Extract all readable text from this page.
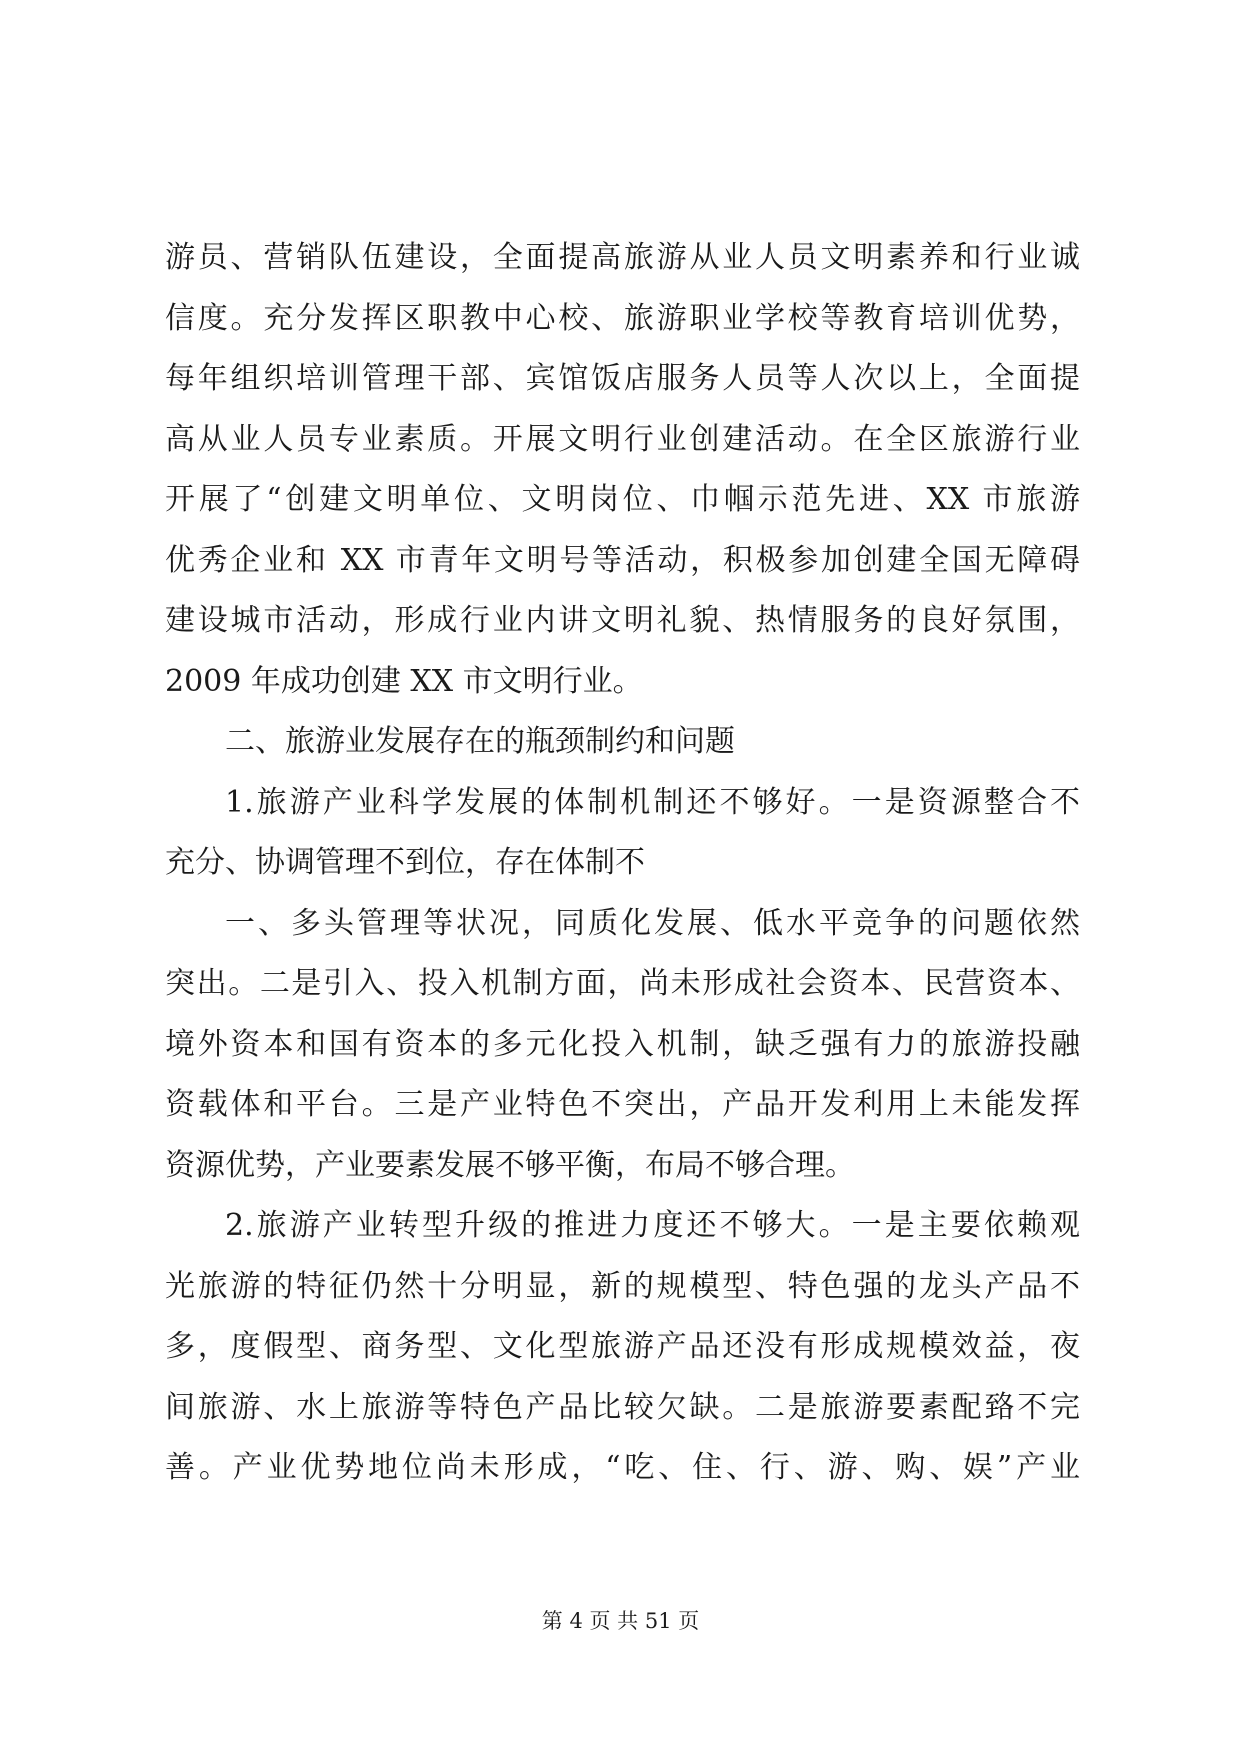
游员、营销队伍建设，全面提高旅游从业人员文明素养和行业诚
信度。充分发挥区职教中心校、旅游职业学校等教育培训优势，
每年组织培训管理干部、宾馆饭店服务人员等人次以上，全面提
高从业人员专业素质。开展文明行业创建活动。在全区旅游行业
开展了“创建文明单位、文明岗位、巾帼示范先进、XX 市旅游
优秀企业和 XX 市青年文明号等活动，积极参加创建全国无障碍
建设城市活动，形成行业内讲文明礼貌、热情服务的良好氛围，
2009 年成功创建 XX 市文明行业。
二、旅游业发展存在的瓶颈制约和问题
1.旅游产业科学发展的体制机制还不够好。一是资源整合不
充分、协调管理不到位，存在体制不
一、多头管理等状况，同质化发展、低水平竞争的问题依然
突出。二是引入、投入机制方面，尚未形成社会资本、民营资本、
境外资本和国有资本的多元化投入机制，缺乏强有力的旅游投融
资载体和平台。三是产业特色不突出，产品开发利用上未能发挥
资源优势，产业要素发展不够平衡，布局不够合理。
2.旅游产业转型升级的推进力度还不够大。一是主要依赖观
光旅游的特征仍然十分明显，新的规模型、特色强的龙头产品不
多，度假型、商务型、文化型旅游产品还没有形成规模效益，夜
间旅游、水上旅游等特色产品比较欠缺。二是旅游要素配臵不完
善。产业优势地位尚未形成，“吃、住、行、游、购、娱”产业
第 4 页 共 51 页
